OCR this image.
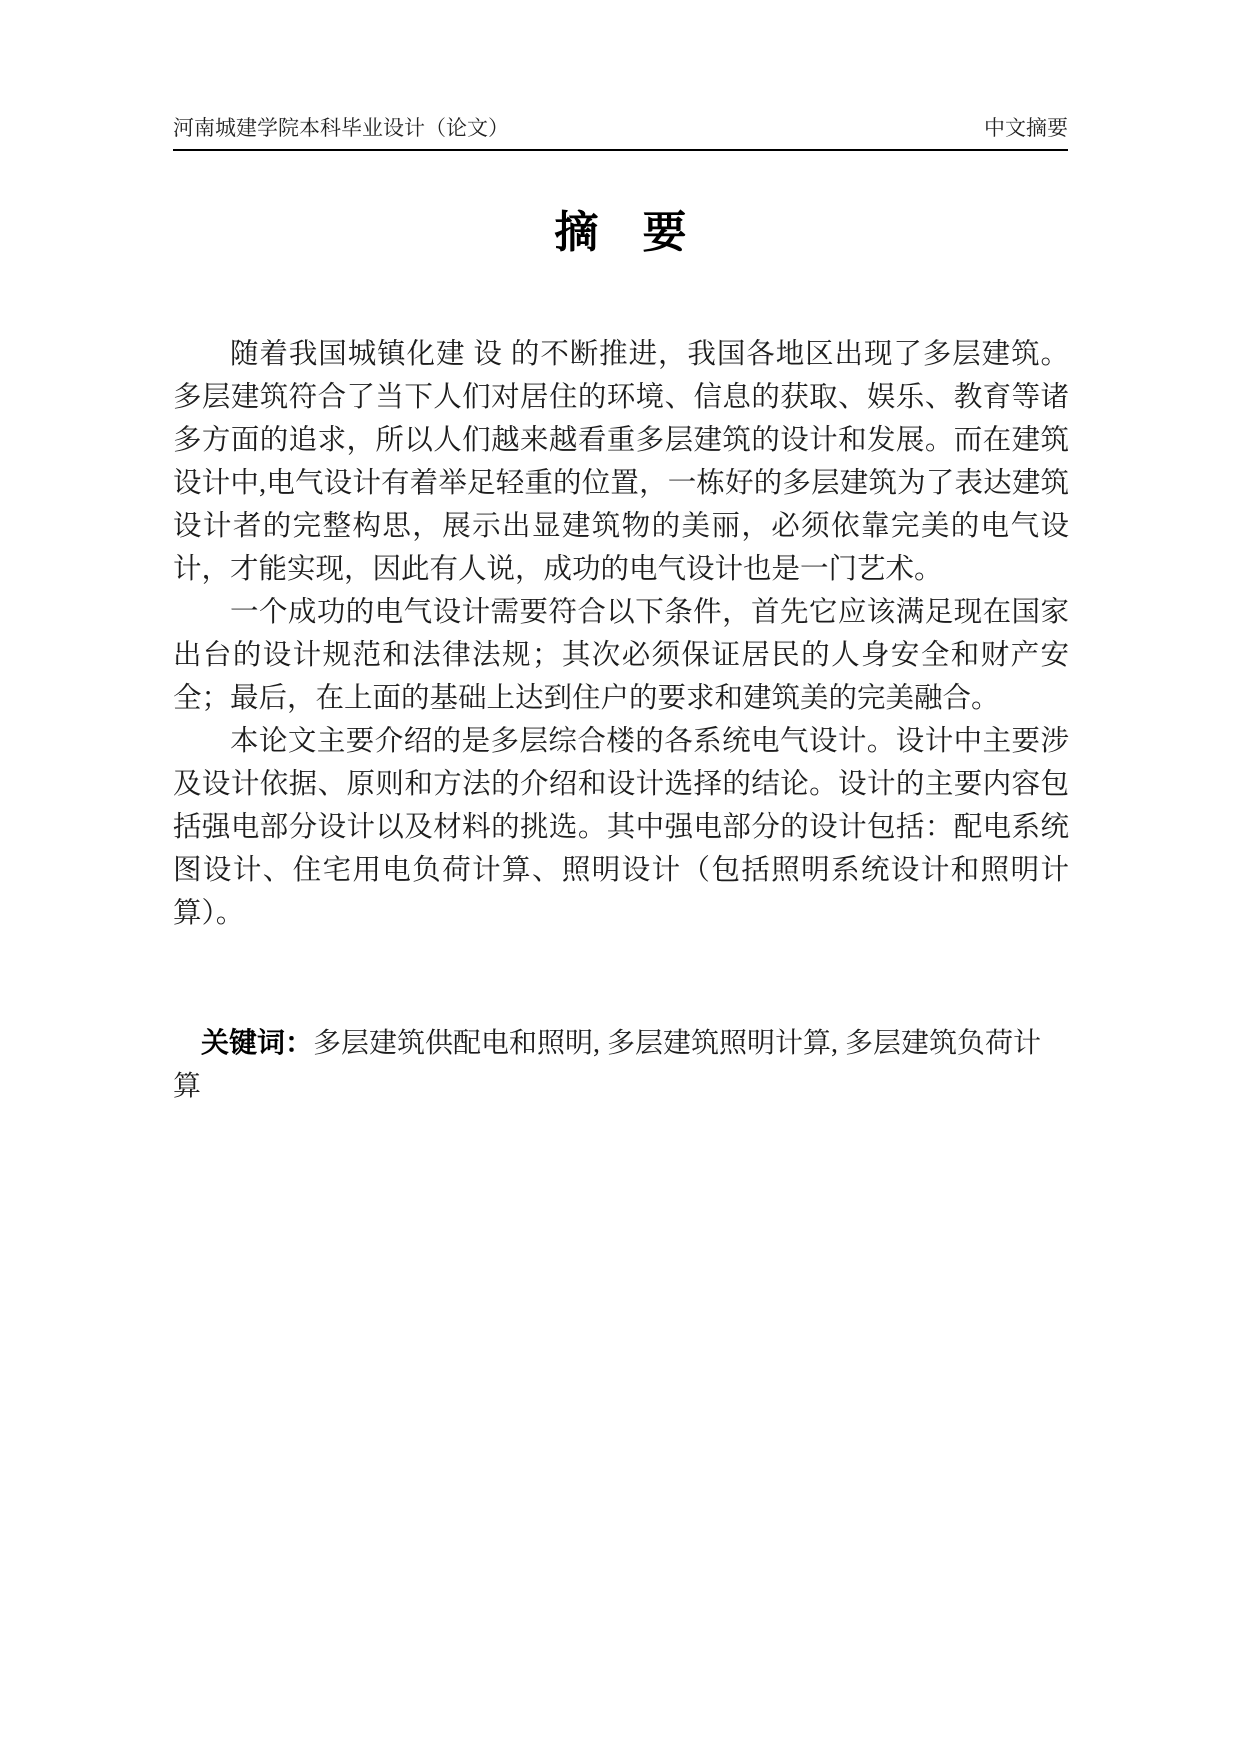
河南城建学院本科毕业设计（论文）	中文摘要
摘　要

随着我国城镇化建 设 的不断推进，我国各地区出现了多层建筑。多层建筑符合了当下人们对居住的环境、信息的获取、娱乐、教育等诸多方面的追求，所以人们越来越看重多层建筑的设计和发展。而在建筑设计中,电气设计有着举足轻重的位置，一栋好的多层建筑为了表达建筑设计者的完整构思，展示出显建筑物的美丽，必须依靠完美的电气设计，才能实现，因此有人说，成功的电气设计也是一门艺术。

一个成功的电气设计需要符合以下条件，首先它应该满足现在国家出台的设计规范和法律法规；其次必须保证居民的人身安全和财产安全；最后，在上面的基础上达到住户的要求和建筑美的完美融合。

本论文主要介绍的是多层综合楼的各系统电气设计。设计中主要涉及设计依据、原则和方法的介绍和设计选择的结论。设计的主要内容包括强电部分设计以及材料的挑选。其中强电部分的设计包括：配电系统图设计、住宅用电负荷计算、照明设计（包括照明系统设计和照明计算）。

关键词：多层建筑供配电和照明, 多层建筑照明计算, 多层建筑负荷计算
